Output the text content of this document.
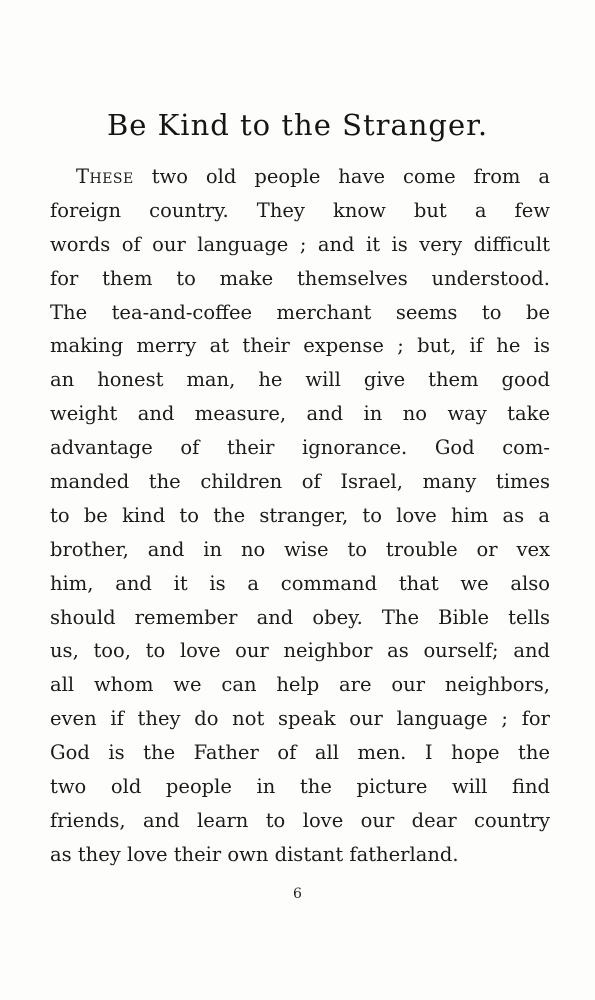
Be Kind to the Stranger.
These two old people have come from a
foreign country. They know but a few
words of our language ; and it is very difficult
for them to make themselves understood.
The tea-and-coffee merchant seems to be
making merry at their expense ; but, if he is
an honest man, he will give them good
weight and measure, and in no way take
advantage of their ignorance. God com-
manded the children of Israel, many times
to be kind to the stranger, to love him as a
brother, and in no wise to trouble or vex
him, and it is a command that we also
should remember and obey. The Bible tells
us, too, to love our neighbor as ourself; and
all whom we can help are our neighbors,
even if they do not speak our language ; for
God is the Father of all men. I hope the
two old people in the picture will find
friends, and learn to love our dear country
as they love their own distant fatherland.
6
